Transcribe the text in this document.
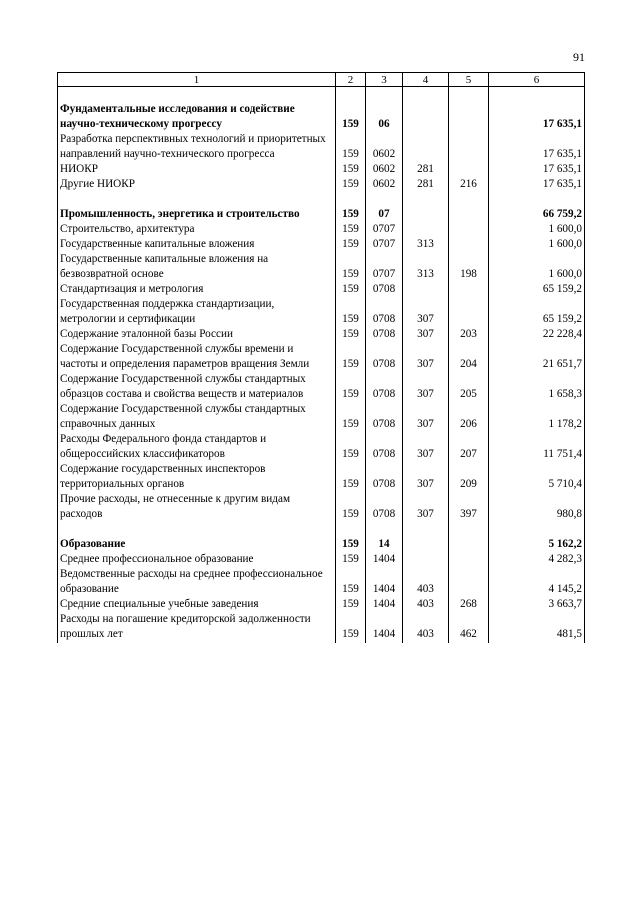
91
1	2	3	4	5	6

Фундаментальные исследования и содействие научно-техническому прогрессу	159	06			17 635,1
Разработка перспективных технологий и приоритетных направлений научно-технического прогресса	159	0602			17 635,1
НИОКР	159	0602	281		17 635,1
Другие НИОКР	159	0602	281	216	17 635,1

Промышленность, энергетика и строительство	159	07			66 759,2
Строительство, архитектура	159	0707			1 600,0
Государственные капитальные вложения	159	0707	313		1 600,0
Государственные капитальные вложения на безвозвратной основе	159	0707	313	198	1 600,0
Стандартизация и метрология	159	0708			65 159,2
Государственная поддержка стандартизации, метрологии и сертификации	159	0708	307		65 159,2
Содержание эталонной базы России	159	0708	307	203	22 228,4
Содержание Государственной службы времени и частоты и определения параметров вращения Земли	159	0708	307	204	21 651,7
Содержание Государственной службы стандартных образцов состава и свойства веществ и материалов	159	0708	307	205	1 658,3
Содержание Государственной службы стандартных справочных данных	159	0708	307	206	1 178,2
Расходы Федерального фонда стандартов и общероссийских классификаторов	159	0708	307	207	11 751,4
Содержание государственных инспекторов территориальных органов	159	0708	307	209	5 710,4
Прочие расходы, не отнесенные к другим видам расходов	159	0708	307	397	980,8

Образование	159	14			5 162,2
Среднее профессиональное образование	159	1404			4 282,3
Ведомственные расходы на среднее профессиональное образование	159	1404	403		4 145,2
Средние специальные учебные заведения	159	1404	403	268	3 663,7
Расходы на погашение кредиторской задолженности прошлых лет	159	1404	403	462	481,5
